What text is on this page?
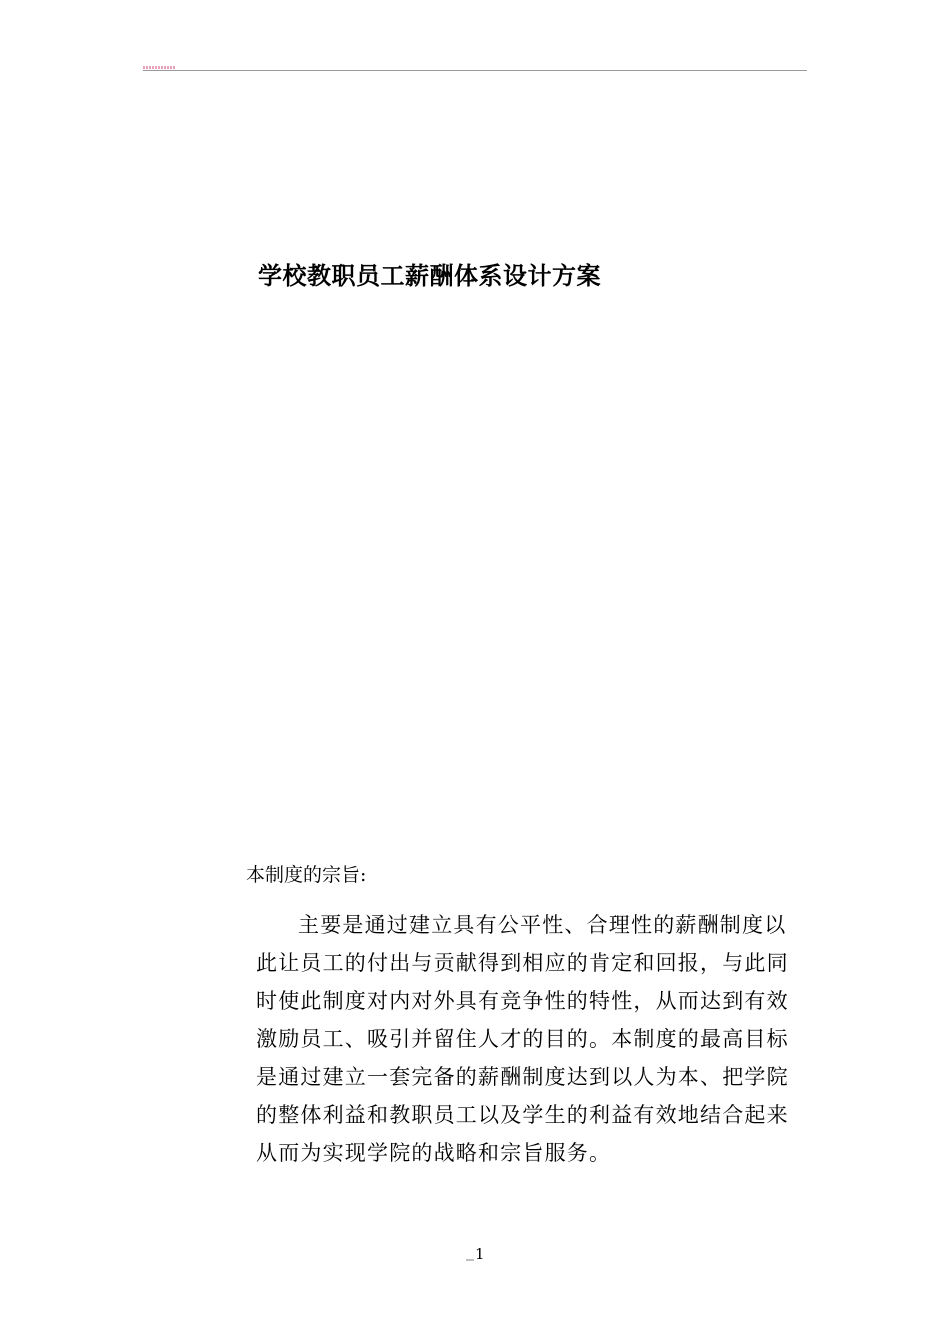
学校教职员工薪酬体系设计方案

本制度的宗旨:

主要是通过建立具有公平性、合理性的薪酬制度以
此让员工的付出与贡献得到相应的肯定和回报，与此同
时使此制度对内对外具有竞争性的特性，从而达到有效
激励员工、吸引并留住人才的目的。本制度的最高目标
是通过建立一套完备的薪酬制度达到以人为本、把学院
的整体利益和教职员工以及学生的利益有效地结合起来
从而为实现学院的战略和宗旨服务。

1
